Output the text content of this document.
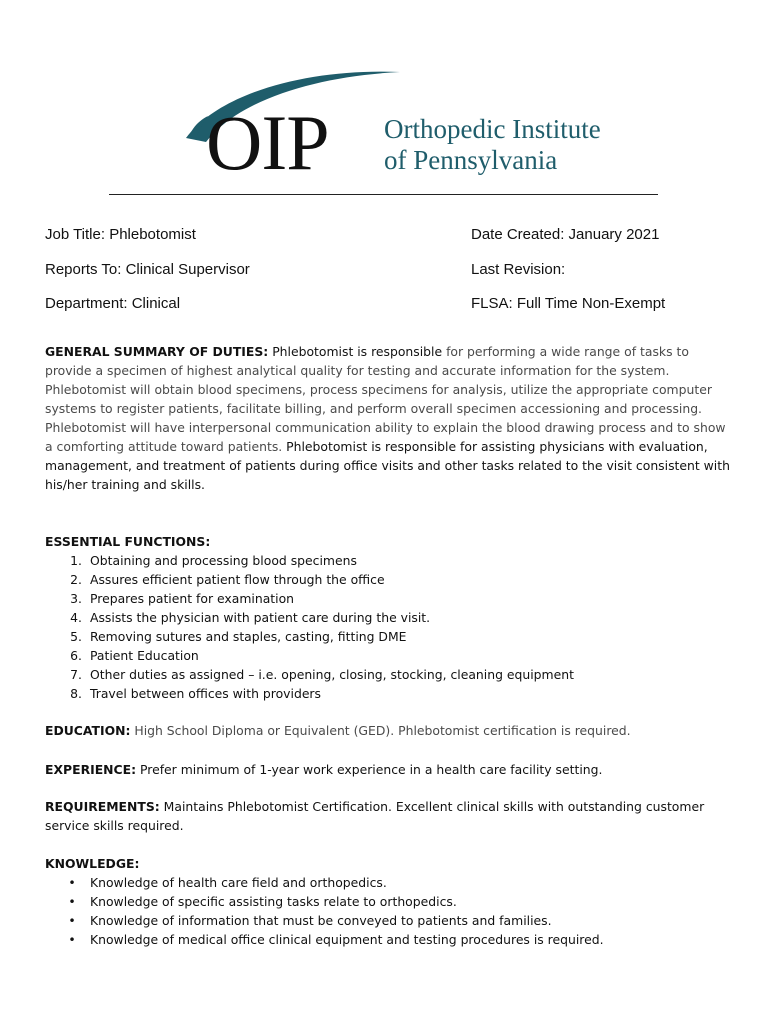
OIP Orthopedic Institute
of Pennsylvania
Job Title: Phlebotomist	Date Created: January 2021
Reports To: Clinical Supervisor	Last Revision:
Department: Clinical	FLSA: Full Time Non-Exempt
GENERAL SUMMARY OF DUTIES: Phlebotomist is responsible for performing a wide range of tasks to provide a specimen of highest analytical quality for testing and accurate information for the system. Phlebotomist will obtain blood specimens, process specimens for analysis, utilize the appropriate computer systems to register patients, facilitate billing, and perform overall specimen accessioning and processing. Phlebotomist will have interpersonal communication ability to explain the blood drawing process and to show a comforting attitude toward patients. Phlebotomist is responsible for assisting physicians with evaluation, management, and treatment of patients during office visits and other tasks related to the visit consistent with his/her training and skills.
ESSENTIAL FUNCTIONS:
1. Obtaining and processing blood specimens
2. Assures efficient patient flow through the office
3. Prepares patient for examination
4. Assists the physician with patient care during the visit.
5. Removing sutures and staples, casting, fitting DME
6. Patient Education
7. Other duties as assigned – i.e. opening, closing, stocking, cleaning equipment
8. Travel between offices with providers
EDUCATION: High School Diploma or Equivalent (GED). Phlebotomist certification is required.
EXPERIENCE: Prefer minimum of 1-year work experience in a health care facility setting.
REQUIREMENTS: Maintains Phlebotomist Certification. Excellent clinical skills with outstanding customer service skills required.
KNOWLEDGE:
•	Knowledge of health care field and orthopedics.
•	Knowledge of specific assisting tasks relate to orthopedics.
•	Knowledge of information that must be conveyed to patients and families.
•	Knowledge of medical office clinical equipment and testing procedures is required.
